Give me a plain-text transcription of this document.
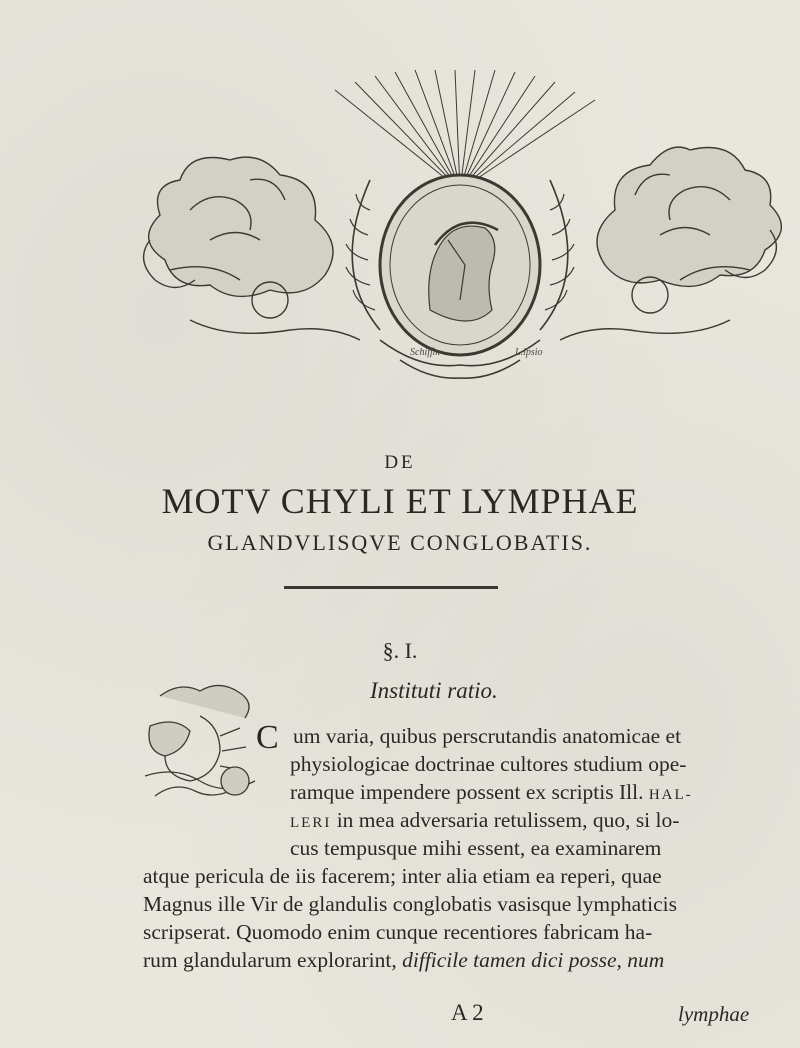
Schiffm	L.ipsio
DE
MOTV CHYLI ET LYMPHAE
GLANDVLISQVE CONGLOBATIS.
§. I.
Instituti ratio.
C um varia, quibus perscrutandis anatomicae et
physiologicae doctrinae cultores studium ope-
ramque impendere possent ex scriptis Ill. HAL-
LERI in mea adversaria retulissem, quo, si lo-
cus tempusque mihi essent, ea examinarem
atque pericula de iis facerem; inter alia etiam ea reperi, quae
Magnus ille Vir de glandulis conglobatis vasisque lymphaticis
scripserat. Quomodo enim cunque recentiores fabricam ha-
rum glandularum explorarint, difficile tamen dici posse, num
A 2	lymphae
